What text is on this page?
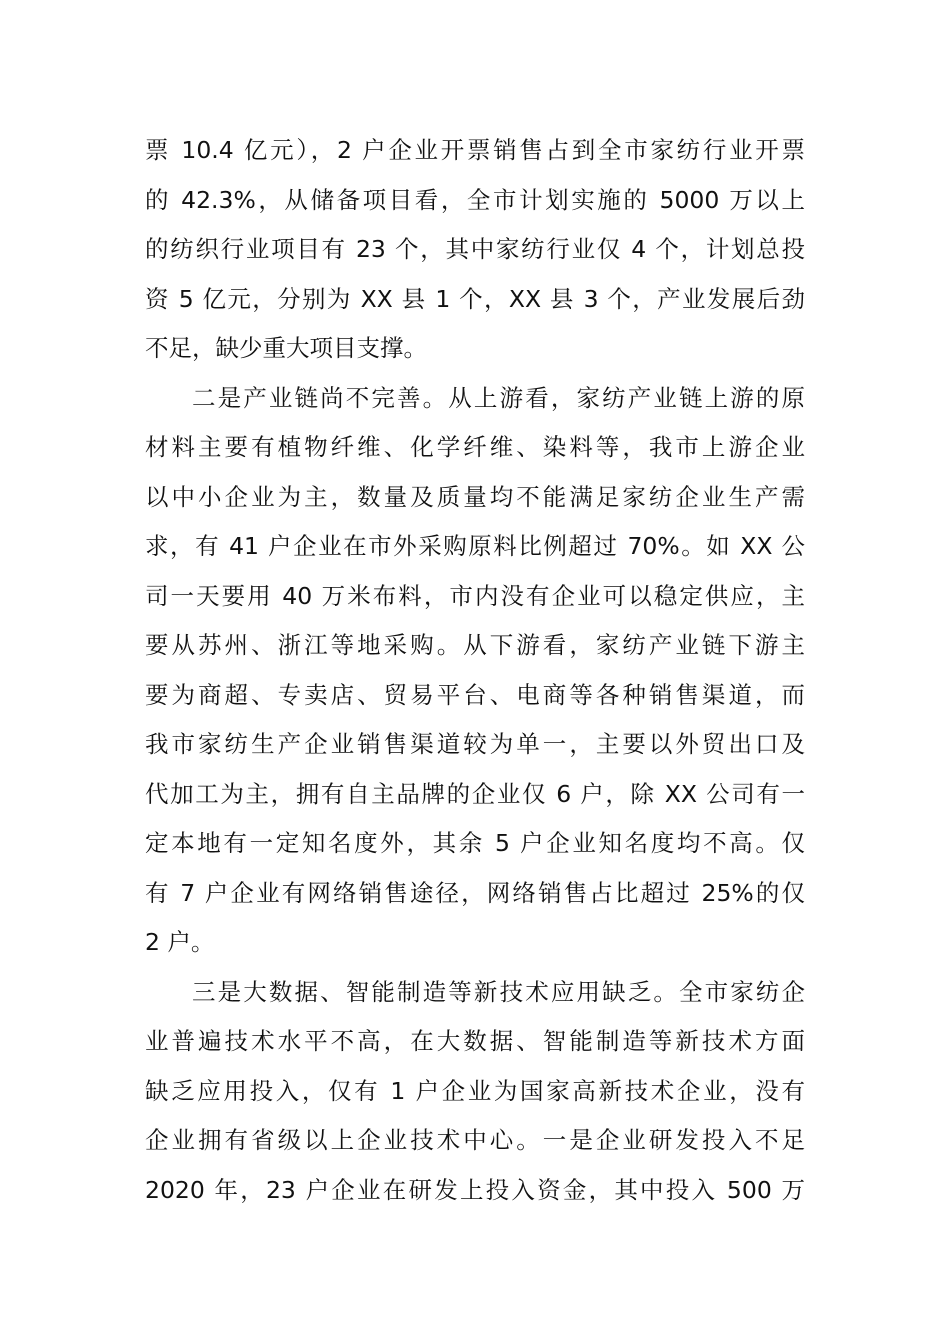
票 10.4 亿元），2 户企业开票销售占到全市家纺行业开票
的 42.3%，从储备项目看，全市计划实施的 5000 万以上
的纺织行业项目有 23 个，其中家纺行业仅 4 个，计划总投
资 5 亿元，分别为 XX 县 1 个，XX 县 3 个，产业发展后劲
不足，缺少重大项目支撑。
二是产业链尚不完善。从上游看，家纺产业链上游的原
材料主要有植物纤维、化学纤维、染料等，我市上游企业
以中小企业为主，数量及质量均不能满足家纺企业生产需
求，有 41 户企业在市外采购原料比例超过 70%。如 XX 公
司一天要用 40 万米布料，市内没有企业可以稳定供应，主
要从苏州、浙江等地采购。从下游看，家纺产业链下游主
要为商超、专卖店、贸易平台、电商等各种销售渠道，而
我市家纺生产企业销售渠道较为单一，主要以外贸出口及
代加工为主，拥有自主品牌的企业仅 6 户，除 XX 公司有一
定本地有一定知名度外，其余 5 户企业知名度均不高。仅
有 7 户企业有网络销售途径，网络销售占比超过 25%的仅
2 户。
三是大数据、智能制造等新技术应用缺乏。全市家纺企
业普遍技术水平不高，在大数据、智能制造等新技术方面
缺乏应用投入，仅有 1 户企业为国家高新技术企业，没有
企业拥有省级以上企业技术中心。一是企业研发投入不足
2020 年，23 户企业在研发上投入资金，其中投入 500 万
